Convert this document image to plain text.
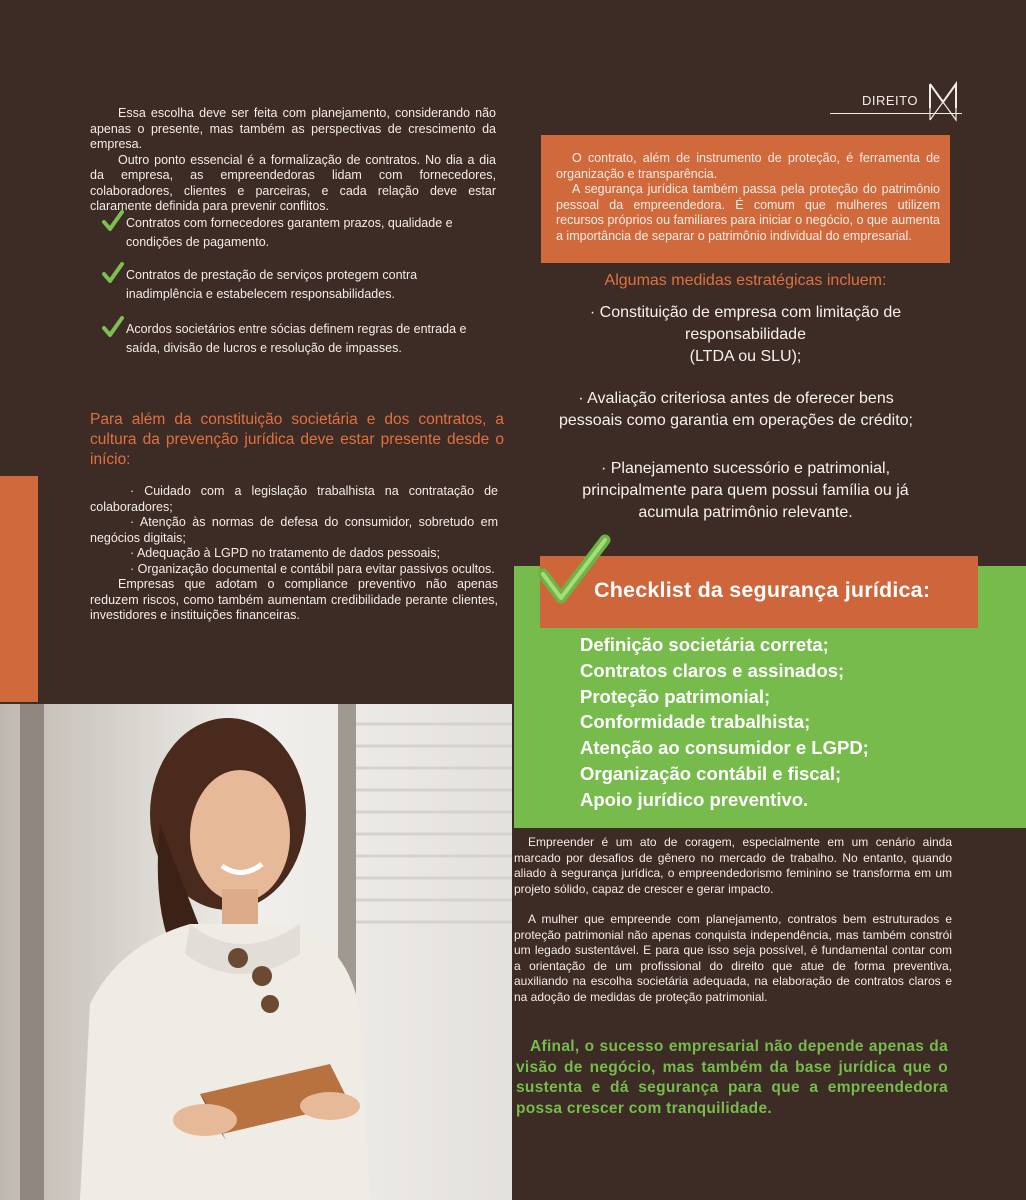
DIREITO

Essa escolha deve ser feita com planejamento, considerando não apenas o presente, mas também as perspectivas de crescimento da empresa.

Outro ponto essencial é a formalização de contratos. No dia a dia da empresa, as empreendedoras lidam com fornecedores, colaboradores, clientes e parceiras, e cada relação deve estar claramente definida para prevenir conflitos.

Contratos com fornecedores garantem prazos, qualidade e condições de pagamento.
Contratos de prestação de serviços protegem contra inadimplência e estabelecem responsabilidades.
Acordos societários entre sócias definem regras de entrada e saída, divisão de lucros e resolução de impasses.
Para além da constituição societária e dos contratos, a cultura da prevenção jurídica deve estar presente desde o início:

· Cuidado com a legislação trabalhista na contratação de colaboradores;

· Atenção às normas de defesa do consumidor, sobretudo em negócios digitais;

· Adequação à LGPD no tratamento de dados pessoais;

· Organização documental e contábil para evitar passivos ocultos.

Empresas que adotam o compliance preventivo não apenas reduzem riscos, como também aumentam credibilidade perante clientes, investidores e instituições financeiras.

O contrato, além de instrumento de proteção, é ferramenta de organização e transparência.

A segurança jurídica também passa pela proteção do patrimônio pessoal da empreendedora. É comum que mulheres utilizem recursos próprios ou familiares para iniciar o negócio, o que aumenta a importância de separar o patrimônio individual do empresarial.

Algumas medidas estratégicas incluem:
· Constituição de empresa com limitação de
responsabilidade
(LTDA ou SLU);
· Avaliação criteriosa antes de oferecer bens
pessoais como garantia em operações de crédito;
· Planejamento sucessório e patrimonial,
principalmente para quem possui família ou já
acumula patrimônio relevante.
Checklist da segurança jurídica:
Definição societária correta;
Contratos claros e assinados;
Proteção patrimonial;
Conformidade trabalhista;
Atenção ao consumidor e LGPD;
Organização contábil e fiscal;
Apoio jurídico preventivo.

Empreender é um ato de coragem, especialmente em um cenário ainda marcado por desafios de gênero no mercado de trabalho. No entanto, quando aliado à segurança jurídica, o empreendedorismo feminino se transforma em um projeto sólido, capaz de crescer e gerar impacto.

A mulher que empreende com planejamento, contratos bem estruturados e proteção patrimonial não apenas conquista independência, mas também constrói um legado sustentável. E para que isso seja possível, é fundamental contar com a orientação de um profissional do direito que atue de forma preventiva, auxiliando na escolha societária adequada, na elaboração de contratos claros e na adoção de medidas de proteção patrimonial.

Afinal, o sucesso empresarial não depende apenas da visão de negócio, mas também da base jurídica que o sustenta e dá segurança para que a empreendedora possa crescer com tranquilidade.
